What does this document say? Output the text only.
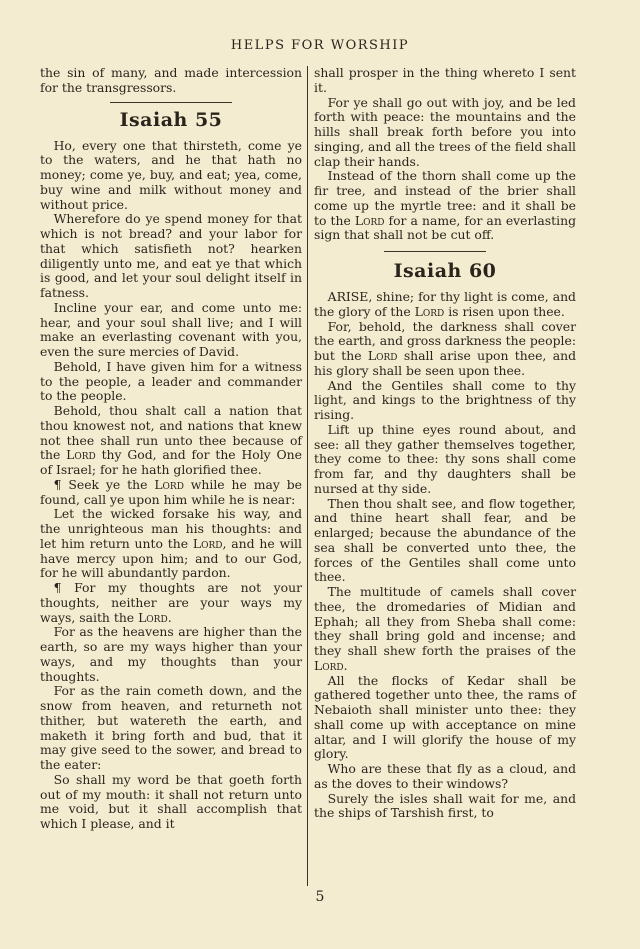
HELPS FOR WORSHIP

the sin of many, and made intercession for the transgressors.

Isaiah 55

Ho, every one that thirsteth, come ye to the waters, and he that hath no money; come ye, buy, and eat; yea, come, buy wine and milk without money and without price.

Wherefore do ye spend money for that which is not bread? and your labor for that which satisfieth not? hearken diligently unto me, and eat ye that which is good, and let your soul delight itself in fatness.

Incline your ear, and come unto me: hear, and your soul shall live; and I will make an everlasting covenant with you, even the sure mercies of David.

Behold, I have given him for a witness to the people, a leader and commander to the people.

Behold, thou shalt call a nation that thou knowest not, and nations that knew not thee shall run unto thee because of the Lord thy God, and for the Holy One of Israel; for he hath glorified thee.

¶ Seek ye the Lord while he may be found, call ye upon him while he is near:

Let the wicked forsake his way, and the unrighteous man his thoughts: and let him return unto the Lord, and he will have mercy upon him; and to our God, for he will abundantly pardon.

¶ For my thoughts are not your thoughts, neither are your ways my ways, saith the Lord.

For as the heavens are higher than the earth, so are my ways higher than your ways, and my thoughts than your thoughts.

For as the rain cometh down, and the snow from heaven, and returneth not thither, but watereth the earth, and maketh it bring forth and bud, that it may give seed to the sower, and bread to the eater:

So shall my word be that goeth forth out of my mouth: it shall not return unto me void, but it shall accomplish that which I please, and it

shall prosper in the thing whereto I sent it.

For ye shall go out with joy, and be led forth with peace: the mountains and the hills shall break forth before you into singing, and all the trees of the field shall clap their hands.

Instead of the thorn shall come up the fir tree, and instead of the brier shall come up the myrtle tree: and it shall be to the Lord for a name, for an everlasting sign that shall not be cut off.

Isaiah 60

ARISE, shine; for thy light is come, and the glory of the Lord is risen upon thee.

For, behold, the darkness shall cover the earth, and gross darkness the people: but the Lord shall arise upon thee, and his glory shall be seen upon thee.

And the Gentiles shall come to thy light, and kings to the brightness of thy rising.

Lift up thine eyes round about, and see: all they gather themselves together, they come to thee: thy sons shall come from far, and thy daughters shall be nursed at thy side.

Then thou shalt see, and flow together, and thine heart shall fear, and be enlarged; because the abundance of the sea shall be converted unto thee, the forces of the Gentiles shall come unto thee.

The multitude of camels shall cover thee, the dromedaries of Midian and Ephah; all they from Sheba shall come: they shall bring gold and incense; and they shall shew forth the praises of the Lord.

All the flocks of Kedar shall be gathered together unto thee, the rams of Nebaioth shall minister unto thee: they shall come up with acceptance on mine altar, and I will glorify the house of my glory.

Who are these that fly as a cloud, and as the doves to their windows?

Surely the isles shall wait for me, and the ships of Tarshish first, to

5
